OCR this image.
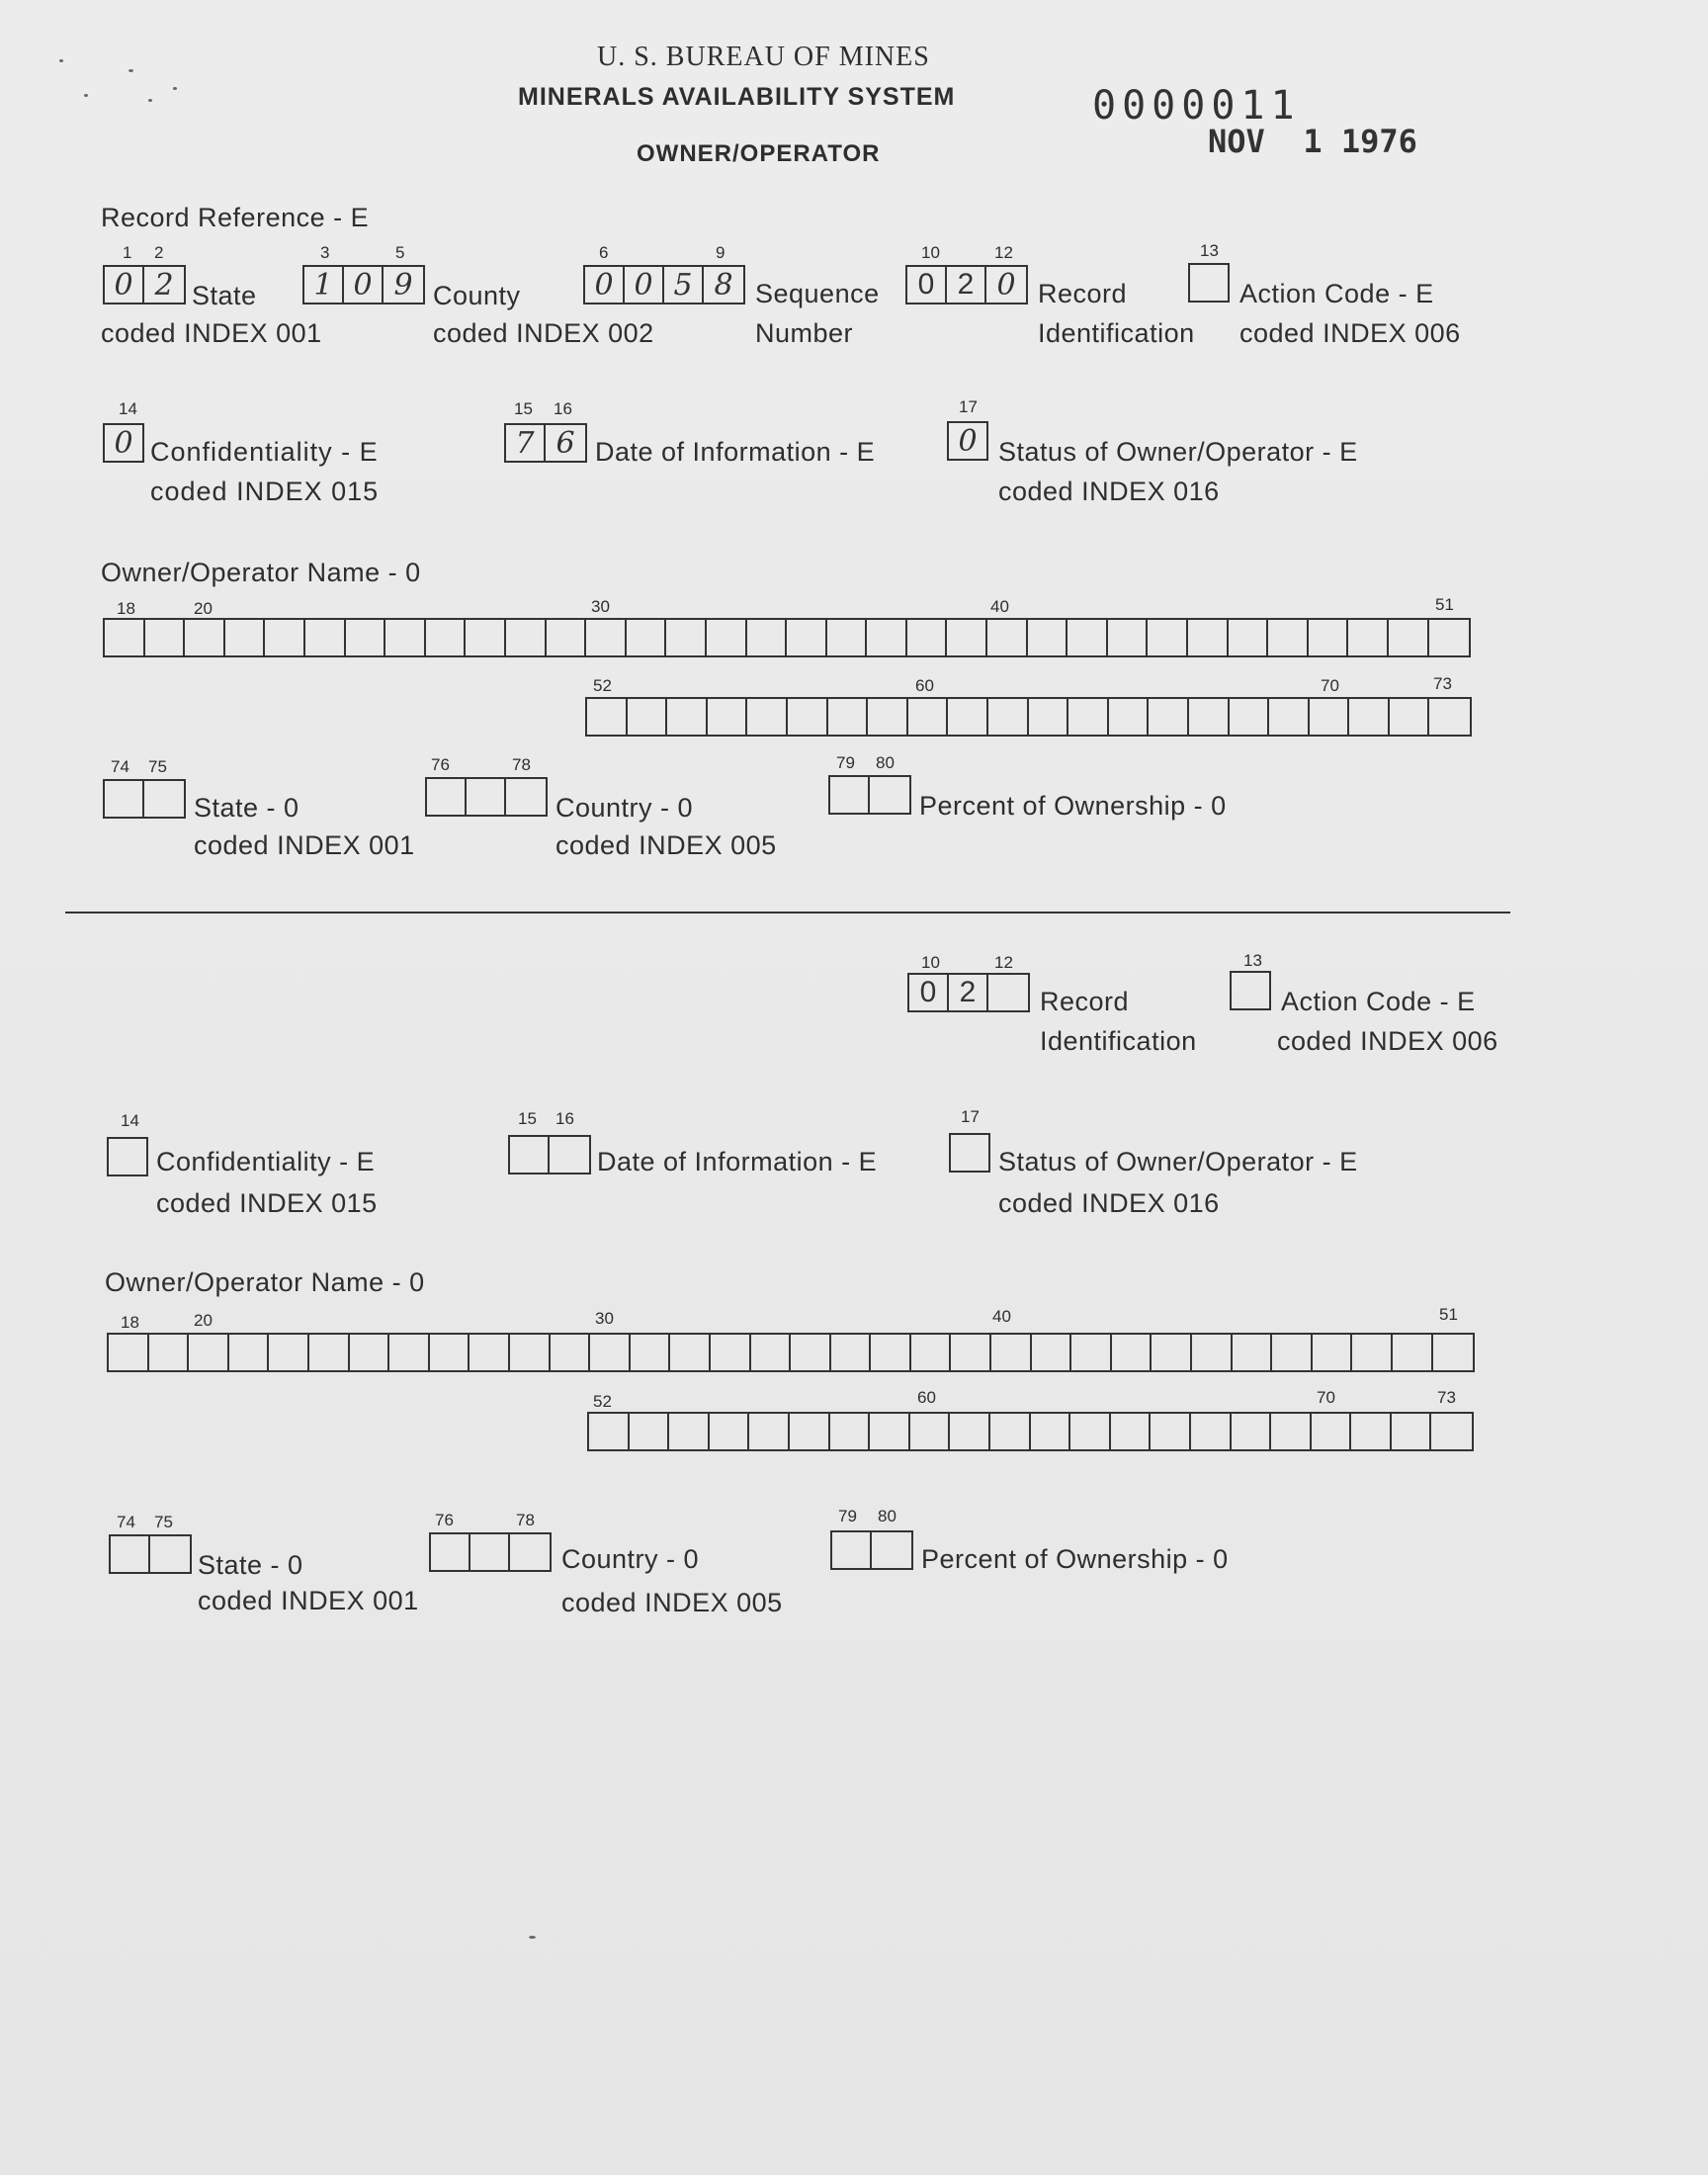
U. S. BUREAU OF MINES
MINERALS AVAILABILITY SYSTEM
OWNER/OPERATOR
0000011
NOV  1 1976
Record Reference - E
1 2
0 2 State
coded INDEX 001
3	5
1 0 9 County
coded INDEX 002
6	9
0 0 5 8 Sequence
Number
10	12
0 2 0 Record
Identification
13
Action Code - E
coded INDEX 006
14
0 Confidentiality - E
coded INDEX 015
15 16
7 6 Date of Information - E
17
0 Status of Owner/Operator - E
coded INDEX 016
Owner/Operator Name - 0
18	20	30	40	51
52	60	70	73
74 75
State - 0
coded INDEX 001
76	78
Country - 0
coded INDEX 005
79 80
Percent of Ownership - 0
10	12
0 2	Record
Identification
13
Action Code - E
coded INDEX 006
14
Confidentiality - E
coded INDEX 015
15 16
Date of Information - E
17
Status of Owner/Operator - E
coded INDEX 016
Owner/Operator Name - 0
18	20	30	40	51
52	60	70	73
74 75
State - 0
coded INDEX 001
76	78
Country - 0
coded INDEX 005
79 80
Percent of Ownership - 0
